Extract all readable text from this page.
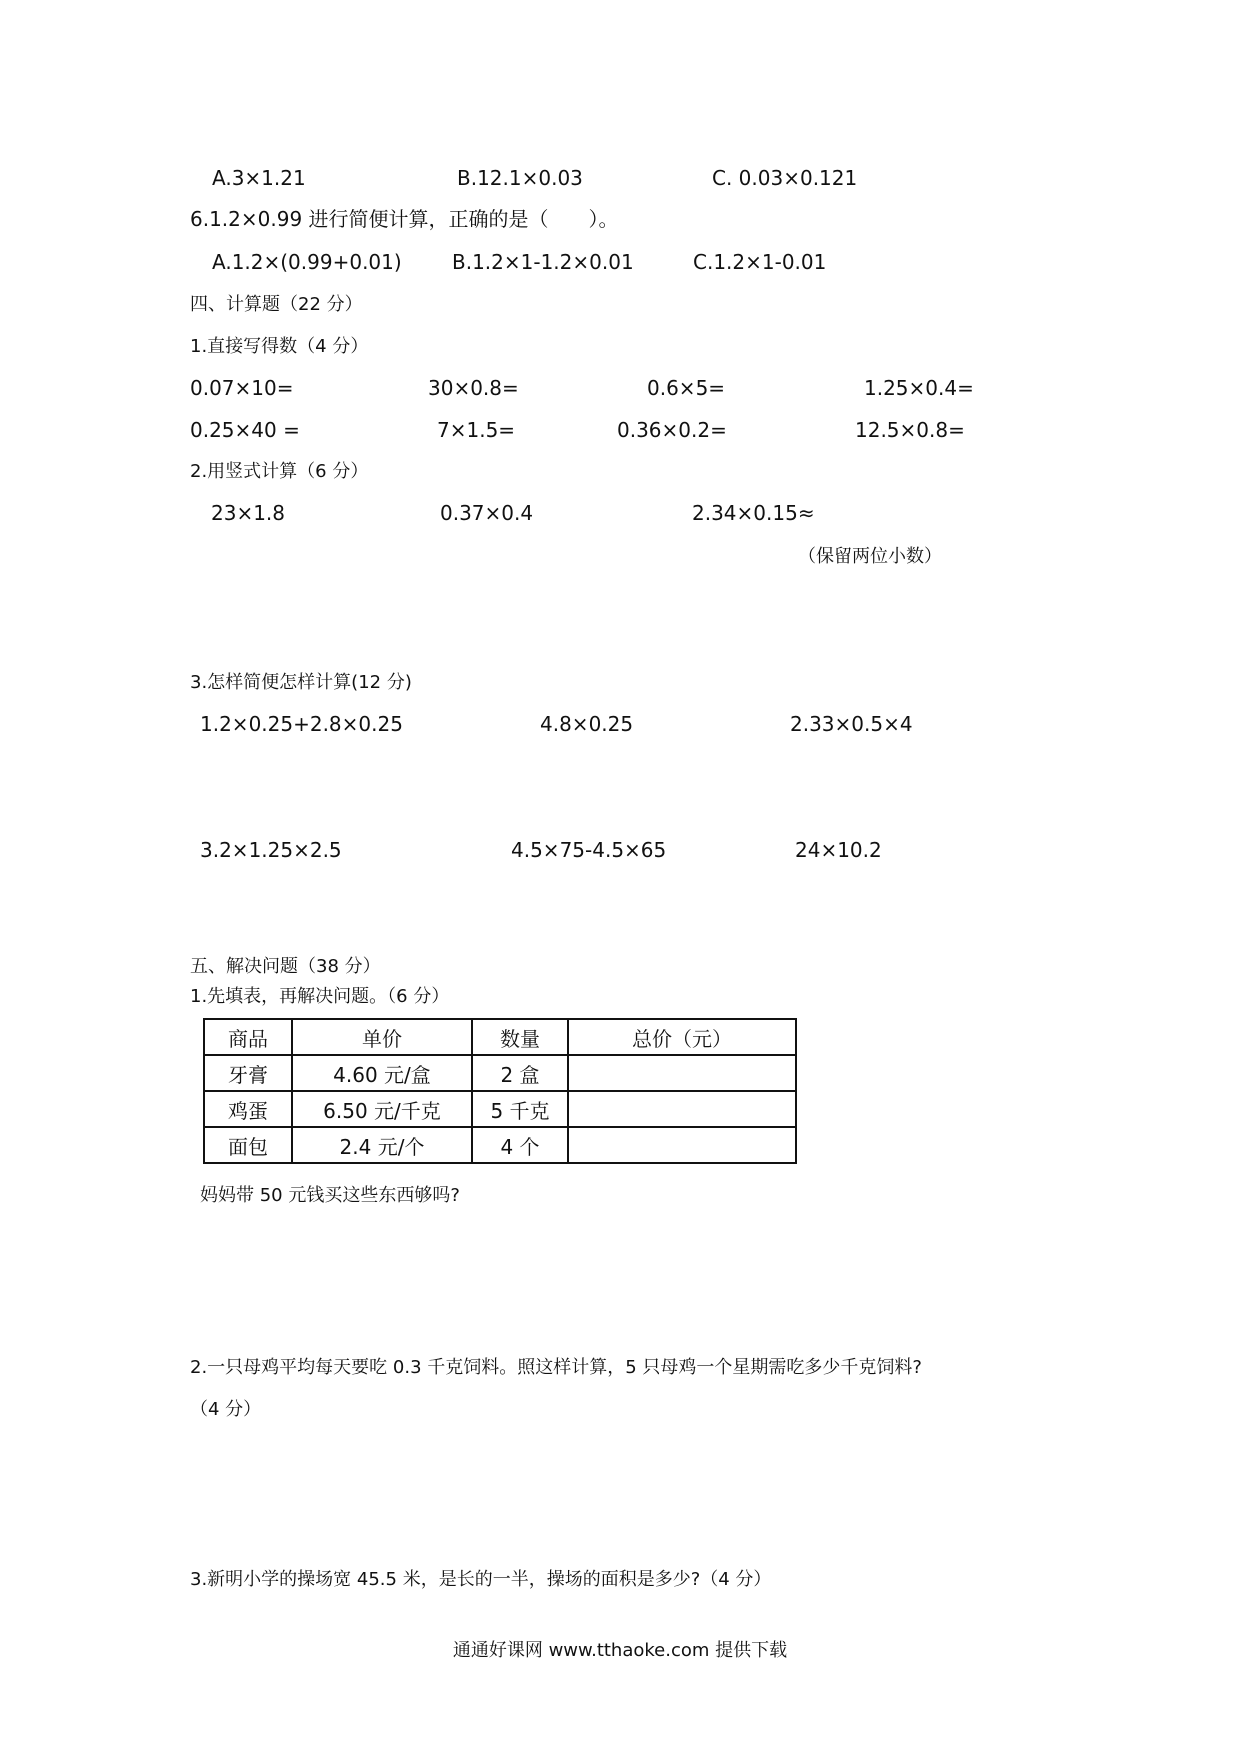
A.3×1.21	B.12.1×0.03	C. 0.03×0.121
6.1.2×0.99 进行简便计算，正确的是（　　）。
A.1.2×(0.99+0.01)	B.1.2×1-1.2×0.01	C.1.2×1-0.01
四、计算题（22 分）
1.直接写得数（4 分）
0.07×10=	30×0.8=	0.6×5=	1.25×0.4=
0.25×40 =	7×1.5=	0.36×0.2=	12.5×0.8=
2.用竖式计算（6 分）
23×1.8	0.37×0.4	2.34×0.15≈
（保留两位小数）
3.怎样简便怎样计算(12 分)
1.2×0.25+2.8×0.25	4.8×0.25	2.33×0.5×4
3.2×1.25×2.5	4.5×75-4.5×65	24×10.2
五、解决问题（38 分）
1.先填表，再解决问题。（6 分）
商品	单价	数量	总价（元）
牙膏	4.60 元/盒	2 盒	
鸡蛋	6.50 元/千克	5 千克	
面包	2.4 元/个	4 个	
妈妈带 50 元钱买这些东西够吗?
2.一只母鸡平均每天要吃 0.3 千克饲料。照这样计算，5 只母鸡一个星期需吃多少千克饲料?
（4 分）
3.新明小学的操场宽 45.5 米，是长的一半，操场的面积是多少?（4 分）
通通好课网 www.tthaoke.com 提供下载
